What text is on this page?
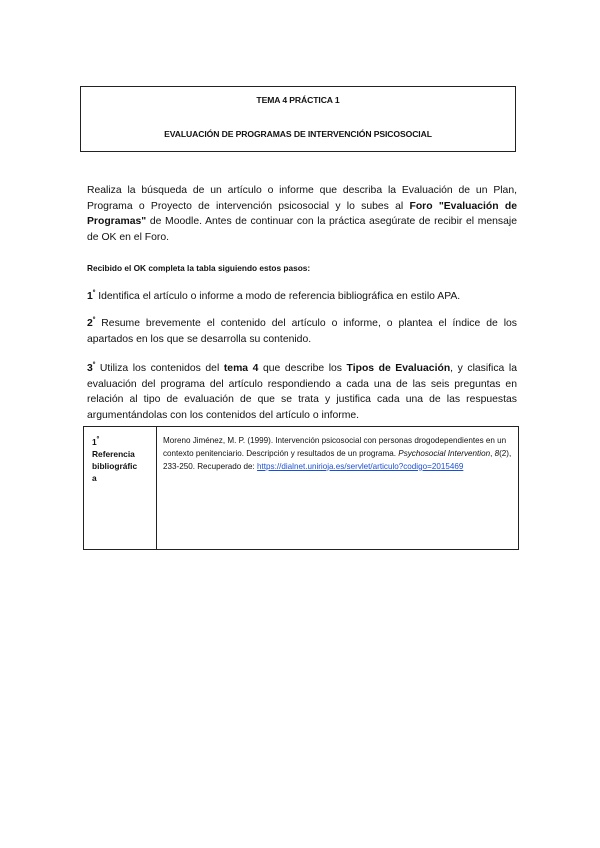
TEMA 4 PRÁCTICA 1
EVALUACIÓN DE PROGRAMAS DE INTERVENCIÓN PSICOSOCIAL

Realiza la búsqueda de un artículo o informe que describa la Evaluación de un Plan, Programa o Proyecto de intervención psicosocial y lo subes al Foro "Evaluación de Programas" de Moodle. Antes de continuar con la práctica asegúrate de recibir el mensaje de OK en el Foro.

Recibido el OK completa la tabla siguiendo estos pasos:

$1^º$ Identifica el artículo o informe a modo de referencia bibliográfica en estilo APA.

$2^º$ Resume brevemente el contenido del artículo o informe, o plantea el índice de los apartados en los que se desarrolla su contenido.

$3^º$ Utiliza los contenidos del tema 4 que describe los Tipos de Evaluación, y clasifica la evaluación del programa del artículo respondiendo a cada una de las seis preguntas en relación al tipo de evaluación de que se trata y justifica cada una de las respuestas argumentándolas con los contenidos del artículo o informe.

$1^º$
Referencia
bibliográfic
a
Moreno Jiménez, M. P. (1999). Intervención psicosocial con personas drogodependientes en un contexto penitenciario. Descripción y resultados de un programa. Psychosocial Intervention, 8(2), 233-250. Recuperado de: https://dialnet.unirioja.es/servlet/articulo?codigo=2015469
